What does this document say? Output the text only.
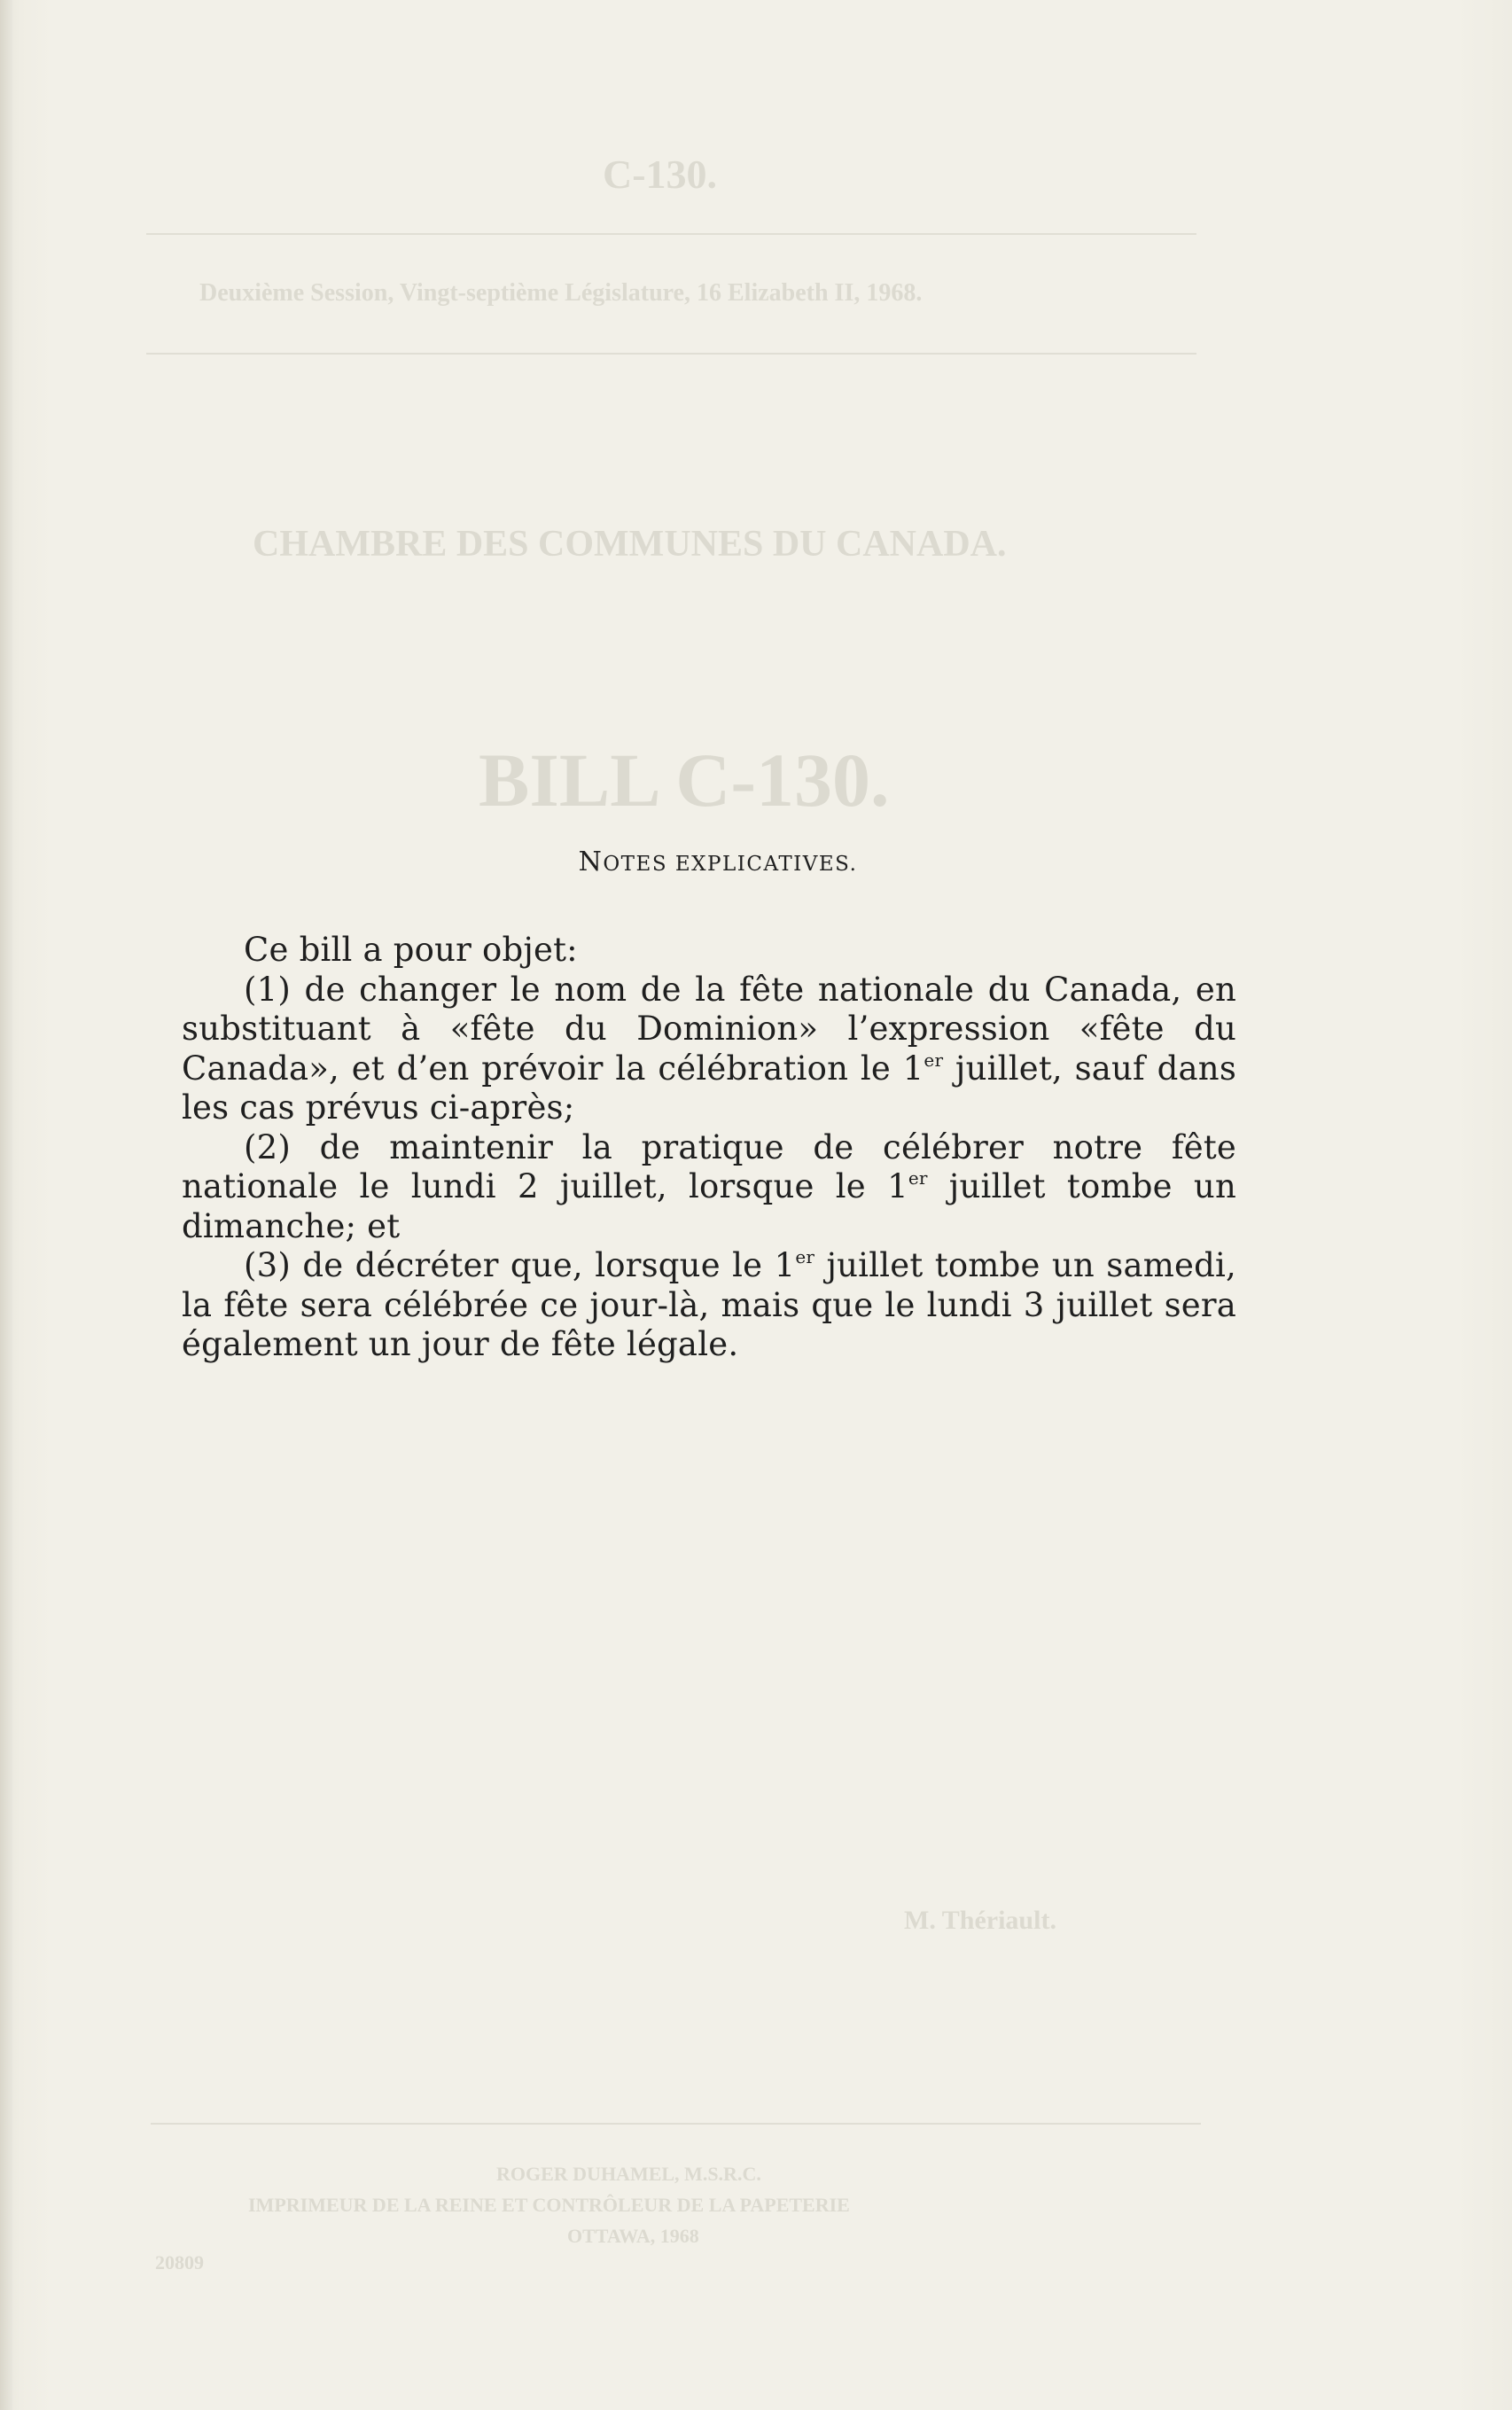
C-130.
Deuxième Session, Vingt-septième Législature, 16 Elizabeth II, 1968.
CHAMBRE DES COMMUNES DU CANADA.
BILL C-130.
M. Thériault.
ROGER DUHAMEL, M.S.R.C.
IMPRIMEUR DE LA REINE ET CONTRÔLEUR DE LA PAPETERIE
OTTAWA, 1968
20809
NOTES EXPLICATIVES.

Ce bill a pour objet:

(1) de changer le nom de la fête nationale du Canada, en substituant à «fête du Dominion» l’expression «fête du Canada», et d’en prévoir la célébration le 1er juillet, sauf dans les cas prévus ci-après;

(2) de maintenir la pratique de célébrer notre fête nationale le lundi 2 juillet, lorsque le 1er juillet tombe un dimanche; et

(3) de décréter que, lorsque le 1er juillet tombe un samedi, la fête sera célébrée ce jour-là, mais que le lundi 3 juillet sera également un jour de fête légale.
